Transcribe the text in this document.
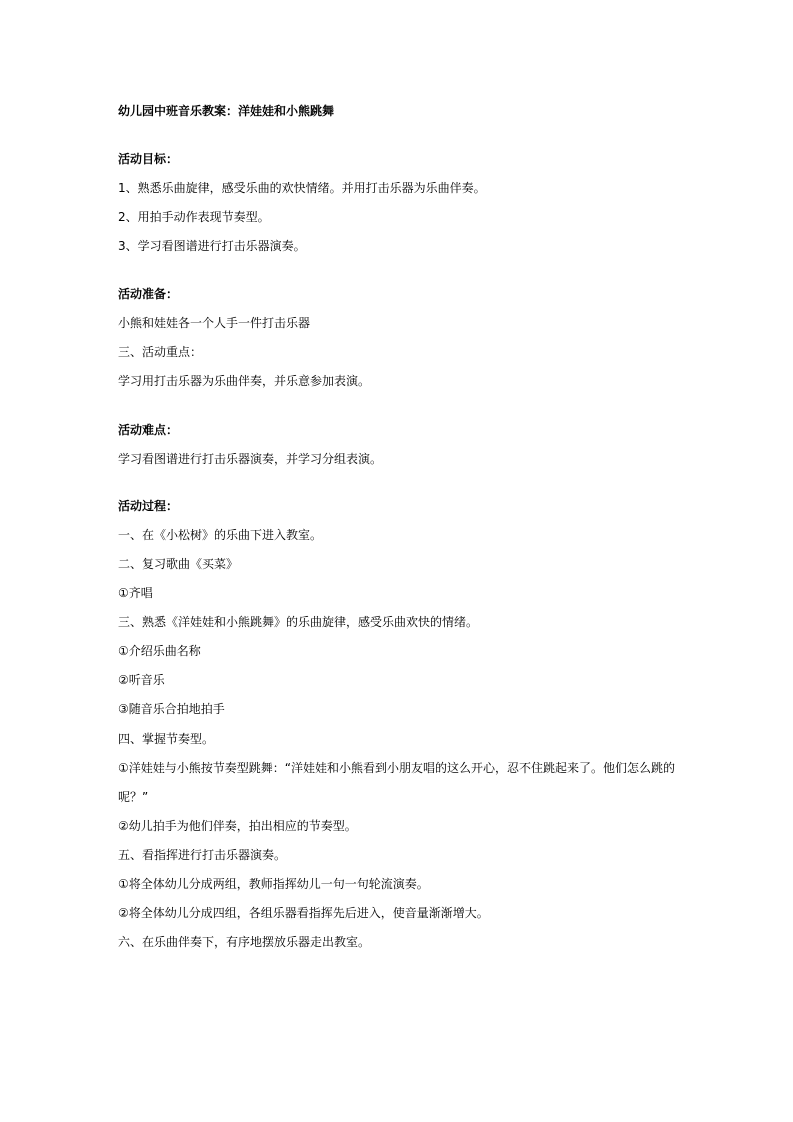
幼儿园中班音乐教案：洋娃娃和小熊跳舞
活动目标：
1、熟悉乐曲旋律，感受乐曲的欢快情绪。并用打击乐器为乐曲伴奏。
2、用拍手动作表现节奏型。
3、学习看图谱进行打击乐器演奏。
活动准备：
小熊和娃娃各一个人手一件打击乐器
三、活动重点：
学习用打击乐器为乐曲伴奏，并乐意参加表演。
活动难点：
学习看图谱进行打击乐器演奏，并学习分组表演。
活动过程：
一、在《小松树》的乐曲下进入教室。
二、复习歌曲《买菜》
①齐唱
三、熟悉《洋娃娃和小熊跳舞》的乐曲旋律，感受乐曲欢快的情绪。
①介绍乐曲名称
②听音乐
③随音乐合拍地拍手
四、掌握节奏型。
①洋娃娃与小熊按节奏型跳舞：“洋娃娃和小熊看到小朋友唱的这么开心，忍不住跳起来了。他们怎么跳的
呢？”
②幼儿拍手为他们伴奏，拍出相应的节奏型。
五、看指挥进行打击乐器演奏。
①将全体幼儿分成两组，教师指挥幼儿一句一句轮流演奏。
②将全体幼儿分成四组，各组乐器看指挥先后进入，使音量渐渐增大。
六、在乐曲伴奏下，有序地摆放乐器走出教室。
